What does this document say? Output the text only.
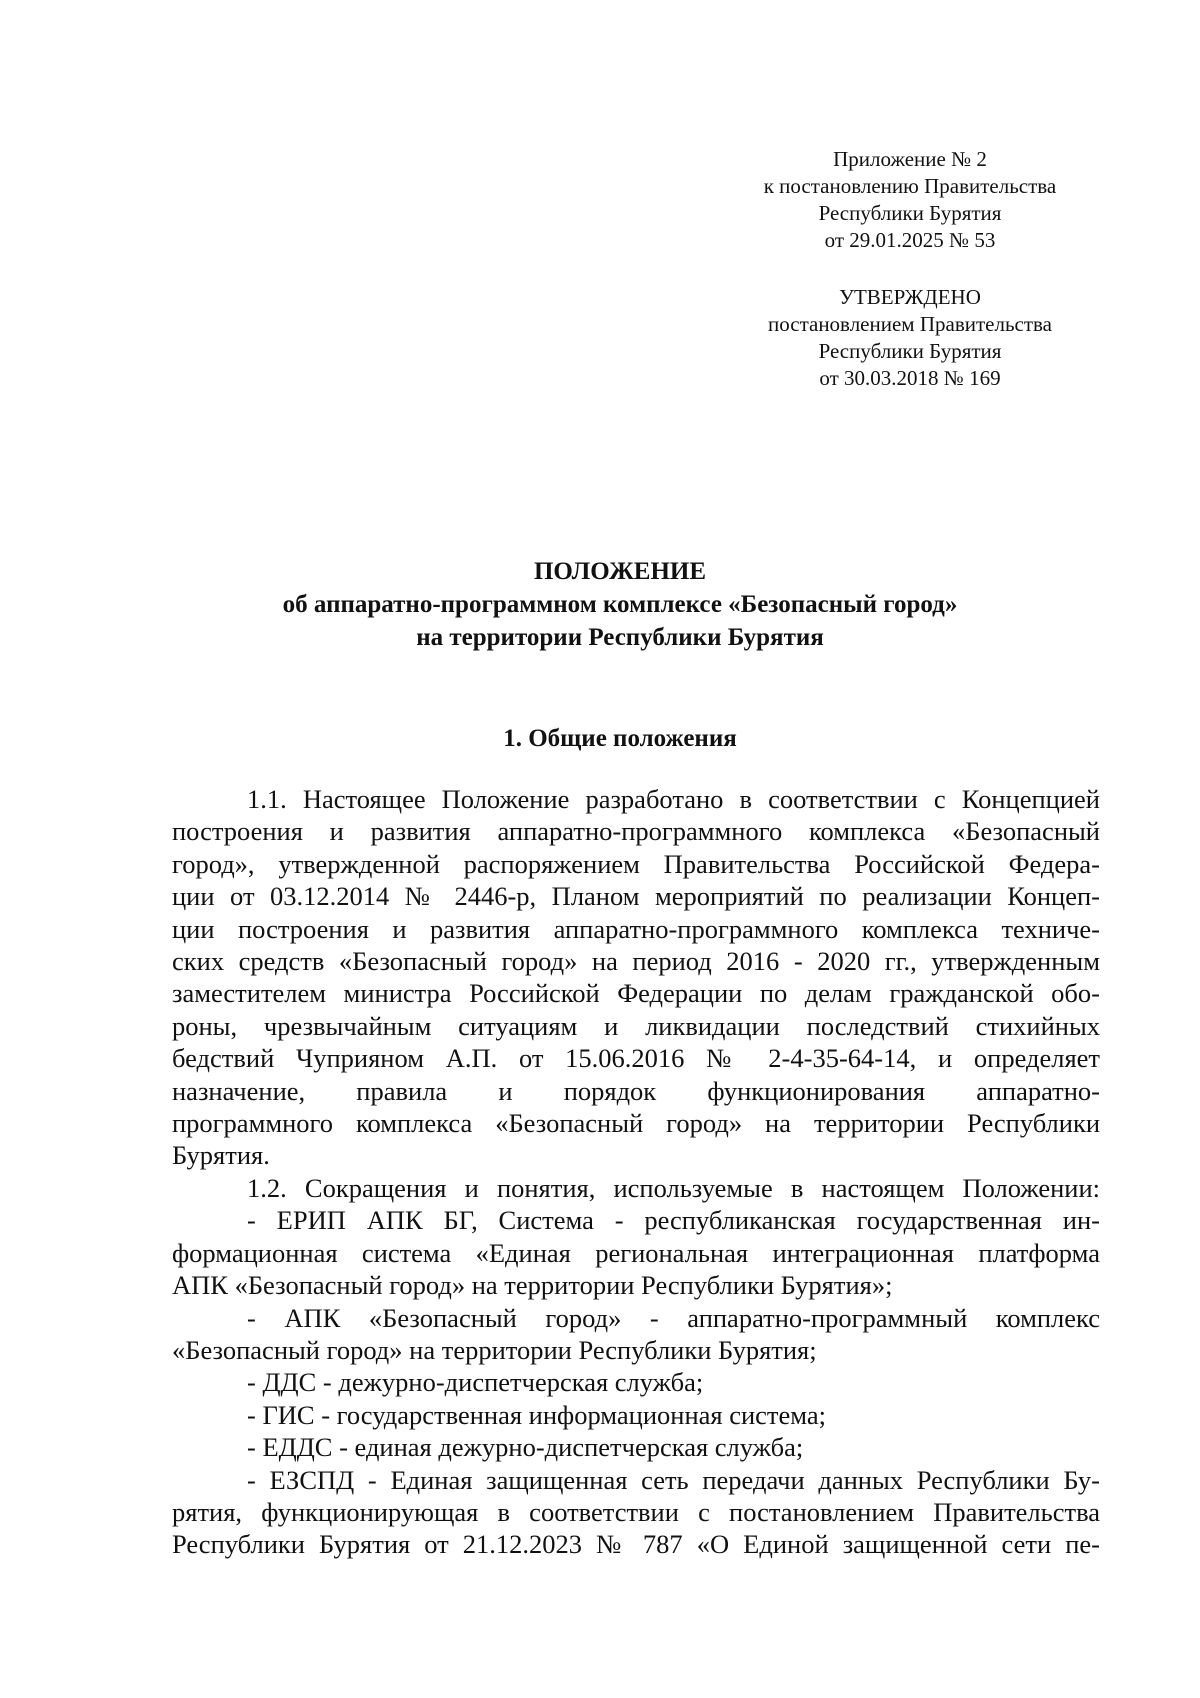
Приложение № 2
к постановлению Правительства
Республики Бурятия
от 29.01.2025 № 53
УТВЕРЖДЕНО
постановлением Правительства
Республики Бурятия
от 30.03.2018 № 169
ПОЛОЖЕНИЕ
об аппаратно-программном комплексе «Безопасный город»
на территории Республики Бурятия
1. Общие положения
1.1. Настоящее Положение разработано в соответствии с Концепцией
построения и развития аппаратно-программного комплекса «Безопасный
город», утвержденной распоряжением Правительства Российской Федера-
ции от 03.12.2014 № 2446-р, Планом мероприятий по реализации Концеп-
ции построения и развития аппаратно-программного комплекса техниче-
ских средств «Безопасный город» на период 2016 - 2020 гг., утвержденным
заместителем министра Российской Федерации по делам гражданской обо-
роны, чрезвычайным ситуациям и ликвидации последствий стихийных
бедствий Чуприяном А.П. от 15.06.2016 № 2-4-35-64-14, и определяет
назначение, правила и порядок функционирования аппаратно-
программного комплекса «Безопасный город» на территории Республики
Бурятия.
1.2. Сокращения и понятия, используемые в настоящем Положении:
- ЕРИП АПК БГ, Система - республиканская государственная ин-
формационная система «Единая региональная интеграционная платформа
АПК «Безопасный город» на территории Республики Бурятия»;
- АПК «Безопасный город» - аппаратно-программный комплекс
«Безопасный город» на территории Республики Бурятия;
- ДДС - дежурно-диспетчерская служба;
- ГИС - государственная информационная система;
- ЕДДС - единая дежурно-диспетчерская служба;
- ЕЗСПД - Единая защищенная сеть передачи данных Республики Бу-
рятия, функционирующая в соответствии с постановлением Правительства
Республики Бурятия от 21.12.2023 № 787 «О Единой защищенной сети пе-
